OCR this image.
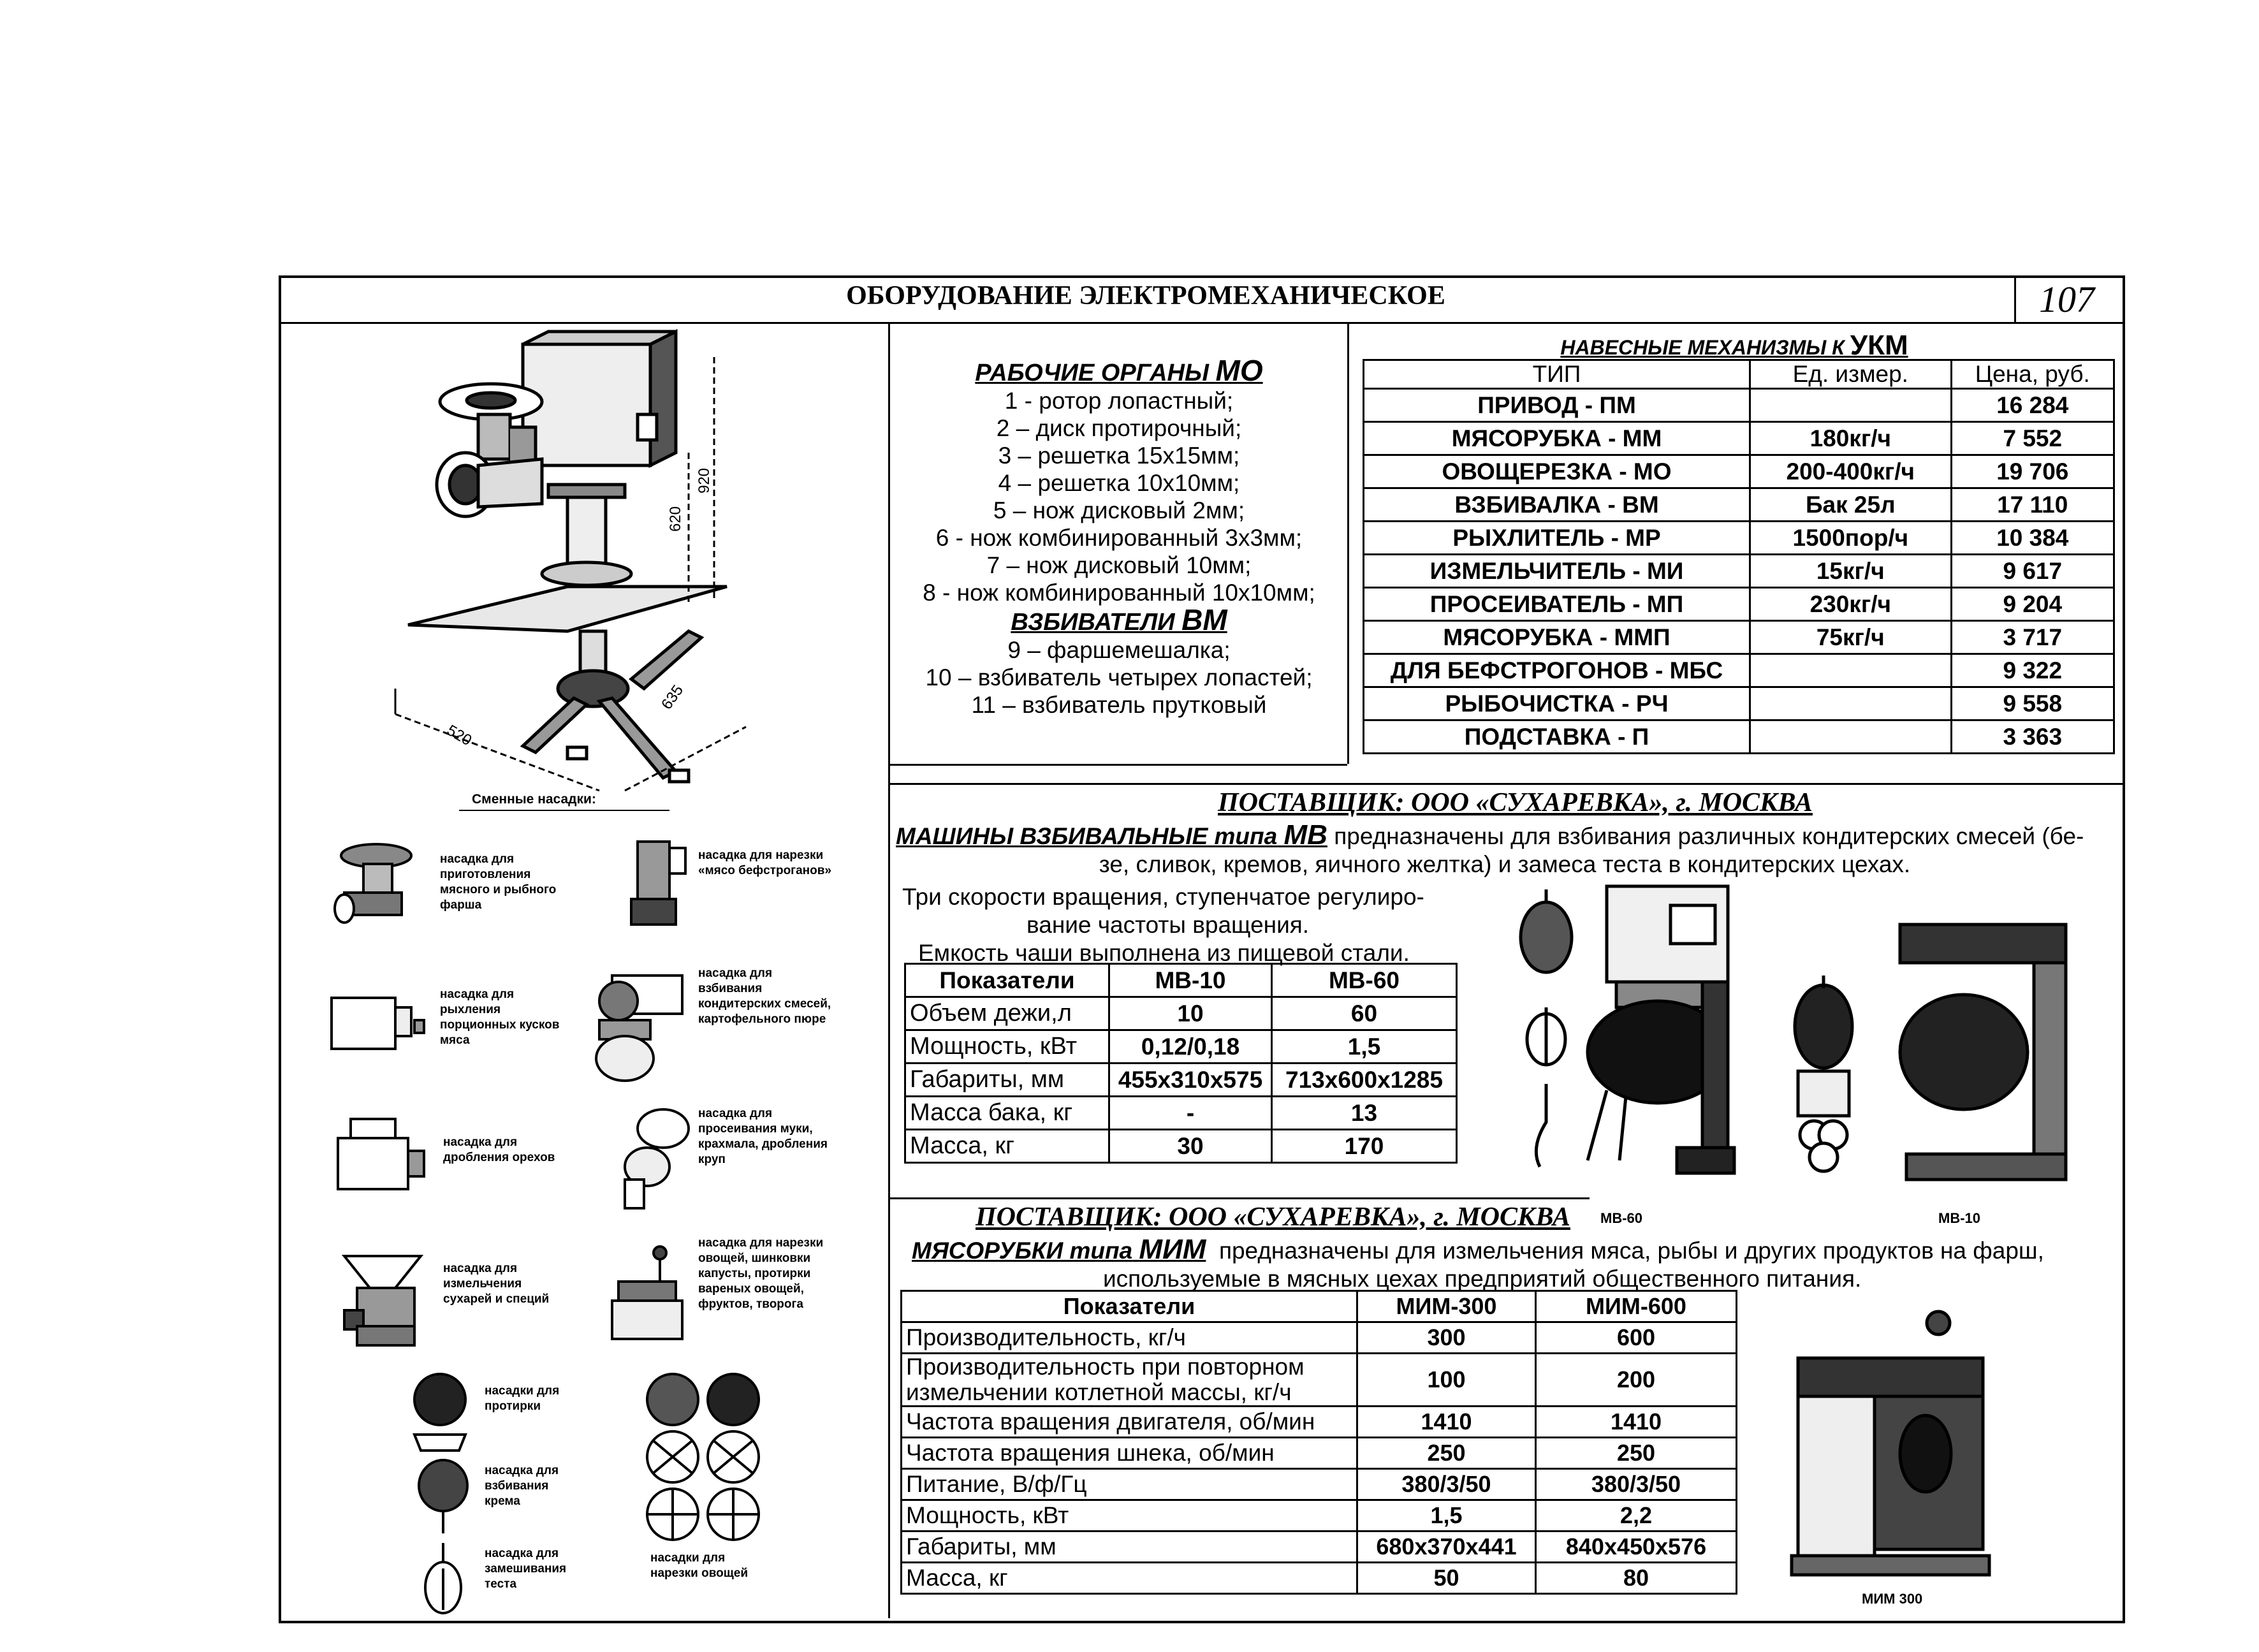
ОБОРУДОВАНИЕ ЭЛЕКТРОМЕХАНИЧЕСКОЕ	107
920
620
520
635
Сменные насадки:
насадка для приготовления мясного и рыбного фарша
насадка для нарезки «мясо бефстроганов»
насадка для рыхления порционных кусков мяса
насадка для взбивания кондитерских смесей, картофельного пюре
насадка для дробления орехов
насадка для просеивания муки, крахмала, дробления круп
насадка для измельчения сухарей и специй
насадка для нарезки овощей, шинковки капусты, протирки вареных овощей, фруктов, творога
насадки для протирки
насадка для взбивания крема
насадка для замешивания теста
насадки для нарезки овощей
РАБОЧИЕ ОРГАНЫ МО
1 - ротор лопастный;
2 – диск протирочный;
3 – решетка 15х15мм;
4 – решетка 10х10мм;
5 – нож дисковый 2мм;
6 - нож комбинированный 3х3мм;
7 – нож дисковый 10мм;
8 - нож комбинированный 10х10мм;
ВЗБИВАТЕЛИ ВМ
9 – фаршемешалка;
10 – взбиватель четырех лопастей;
11 – взбиватель прутковый
НАВЕСНЫЕ МЕХАНИЗМЫ К УКМ
ТИП	Ед. измер.	Цена, руб.
ПРИВОД - ПМ		16 284
МЯСОРУБКА - ММ	180кг/ч	7 552
ОВОЩЕРЕЗКА - МО	200-400кг/ч	19 706
ВЗБИВАЛКА - ВМ	Бак 25л	17 110
РЫХЛИТЕЛЬ - МР	1500пор/ч	10 384
ИЗМЕЛЬЧИТЕЛЬ - МИ	15кг/ч	9 617
ПРОСЕИВАТЕЛЬ - МП	230кг/ч	9 204
МЯСОРУБКА - ММП	75кг/ч	3 717
ДЛЯ БЕФСТРОГОНОВ - МБС		9 322
РЫБОЧИСТКА - РЧ		9 558
ПОДСТАВКА - П		3 363
ПОСТАВЩИК: ООО «СУХАРЕВКА», г. МОСКВА
МАШИНЫ ВЗБИВАЛЬНЫЕ типа МВ предназначены для взбивания различных кондитерских смесей (бе-
зе, сливок, кремов, яичного желтка) и замеса теста в кондитерских цехах.
Три скорости вращения, ступенчатое регулиро-
вание частоты вращения.
Емкость чаши выполнена из пищевой стали.
Показатели	МВ-10	МВ-60
Объем дежи,л	10	60
Мощность, кВт	0,12/0,18	1,5
Габариты, мм	455х310х575	713х600х1285
Масса бака, кг	-	13
Масса, кг	30	170
МВ-60	МВ-10
ПОСТАВЩИК: ООО «СУХАРЕВКА», г. МОСКВА
МЯСОРУБКИ типа МИМ предназначены для измельчения мяса, рыбы и других продуктов на фарш,
используемые в мясных цехах предприятий общественного питания.
Показатели	МИМ-300	МИМ-600
Производительность, кг/ч	300	600
Производительность при повторном измельчении котлетной массы, кг/ч	100	200
Частота вращения двигателя, об/мин	1410	1410
Частота вращения шнека, об/мин	250	250
Питание, В/ф/Гц	380/3/50	380/3/50
Мощность, кВт	1,5	2,2
Габариты, мм	680х370х441	840х450х576
Масса, кг	50	80
МИМ 300
